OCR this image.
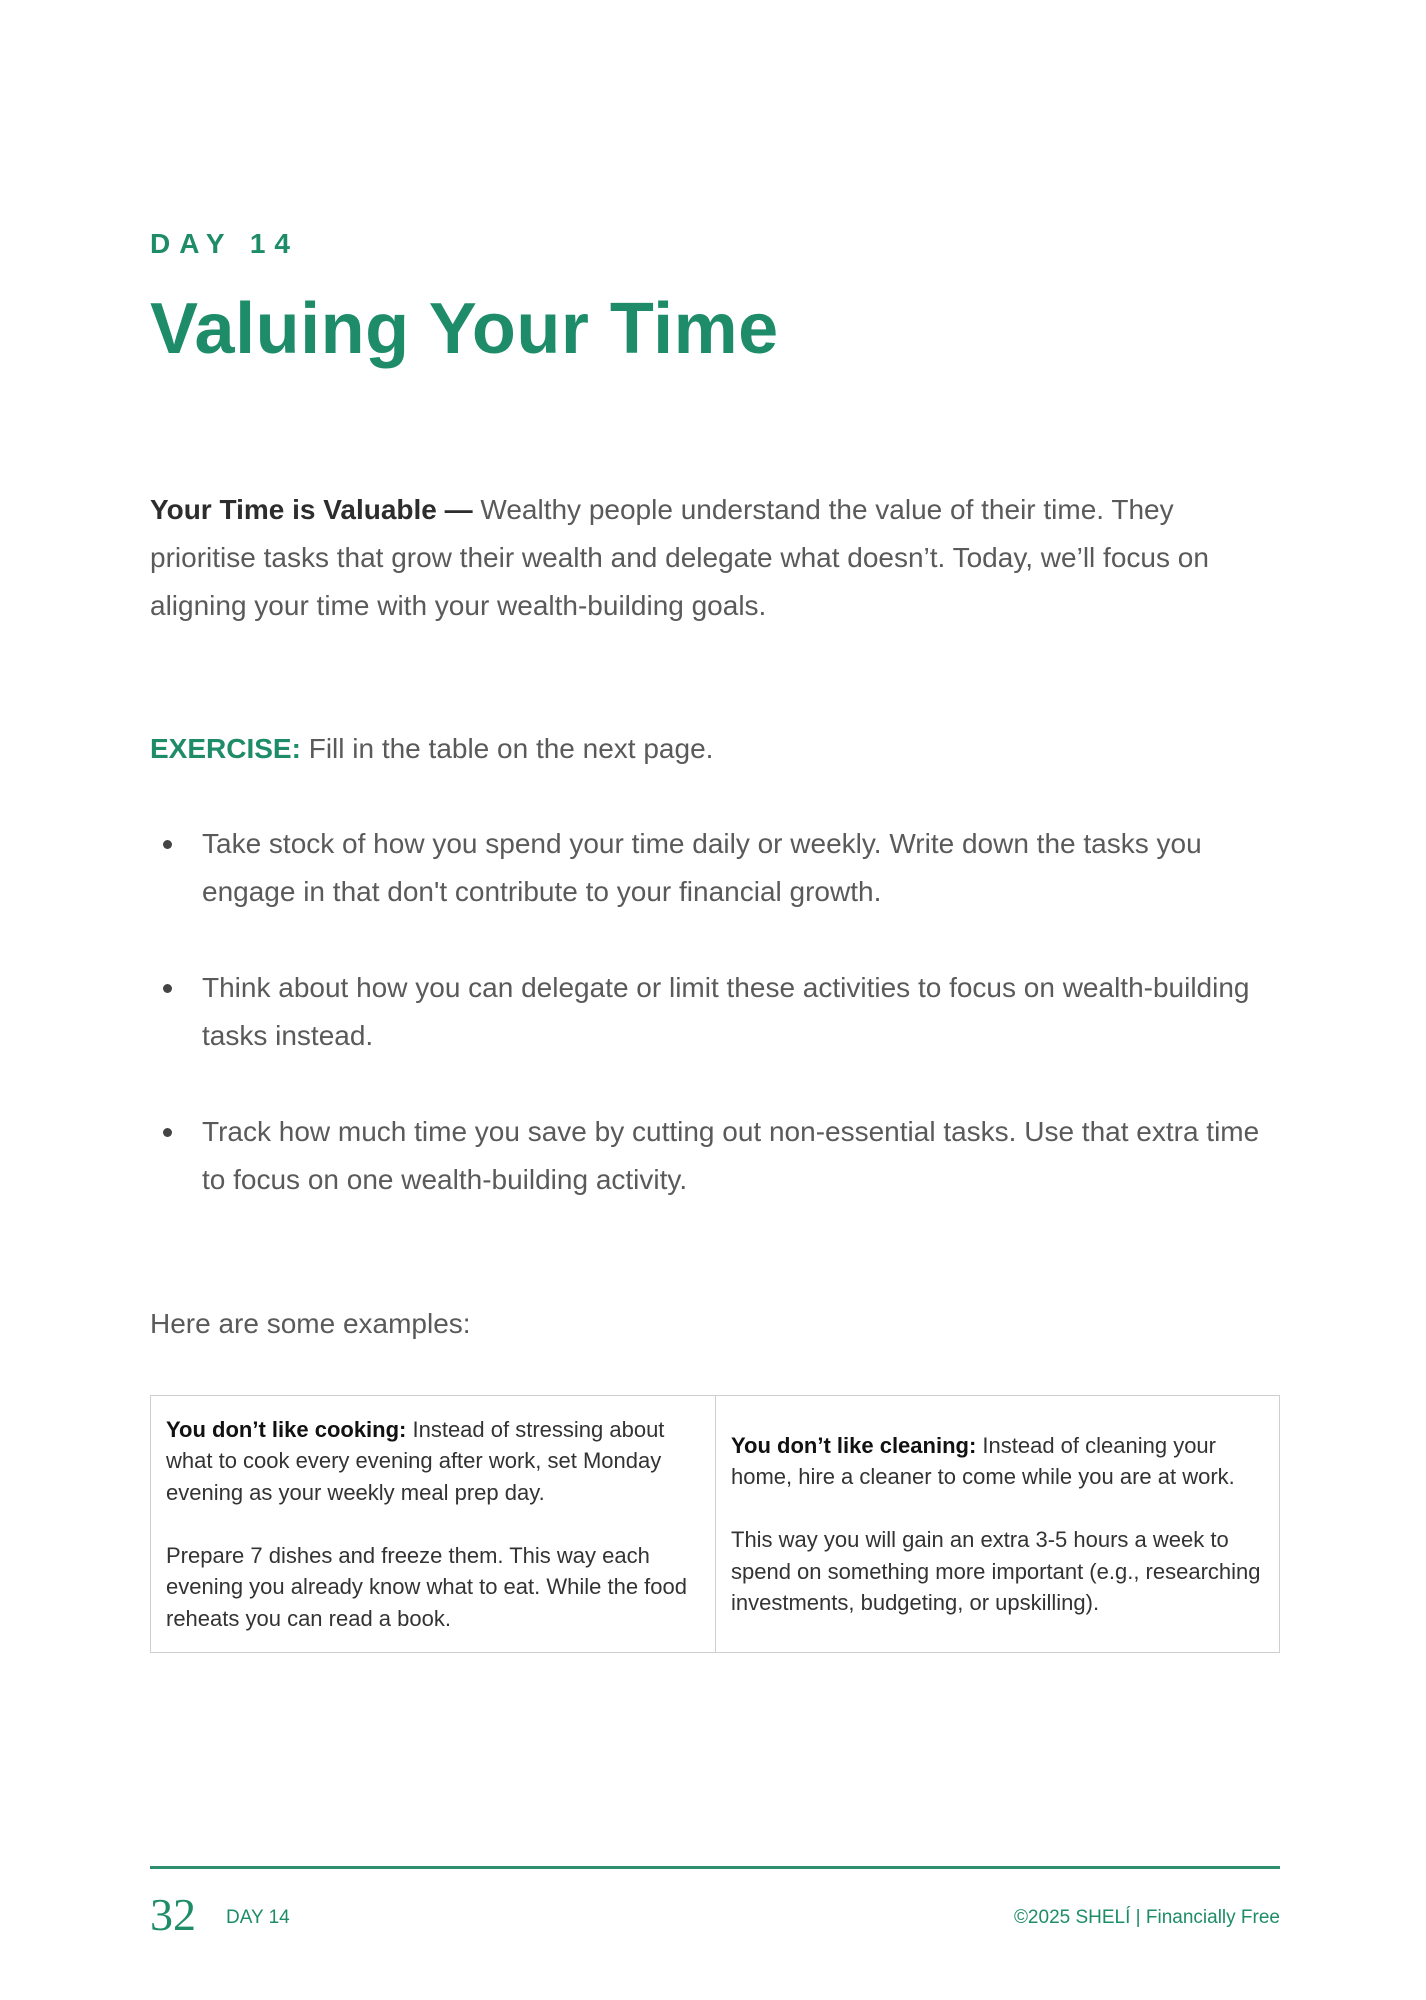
DAY 14
Valuing Your Time

Your Time is Valuable — Wealthy people understand the value of their time. They prioritise tasks that grow their wealth and delegate what doesn’t. Today, we’ll focus on aligning your time with your wealth-building goals.

EXERCISE: Fill in the table on the next page.

Take stock of how you spend your time daily or weekly. Write down the tasks you engage in that don't contribute to your financial growth.
Think about how you can delegate or limit these activities to focus on wealth-building tasks instead.
Track how much time you save by cutting out non-essential tasks. Use that extra time to focus on one wealth-building activity.

Here are some examples:

You don’t like cooking: Instead of stressing about what to cook every evening after work, set Monday evening as your weekly meal prep day.

Prepare 7 dishes and freeze them. This way each evening you already know what to eat. While the food reheats you can read a book.

You don’t like cleaning: Instead of cleaning your home, hire a cleaner to come while you are at work.

This way you will gain an extra 3-5 hours a week to spend on something more important (e.g., researching investments, budgeting, or upskilling).

32 DAY 14	©2025 SHELÍ | Financially Free
